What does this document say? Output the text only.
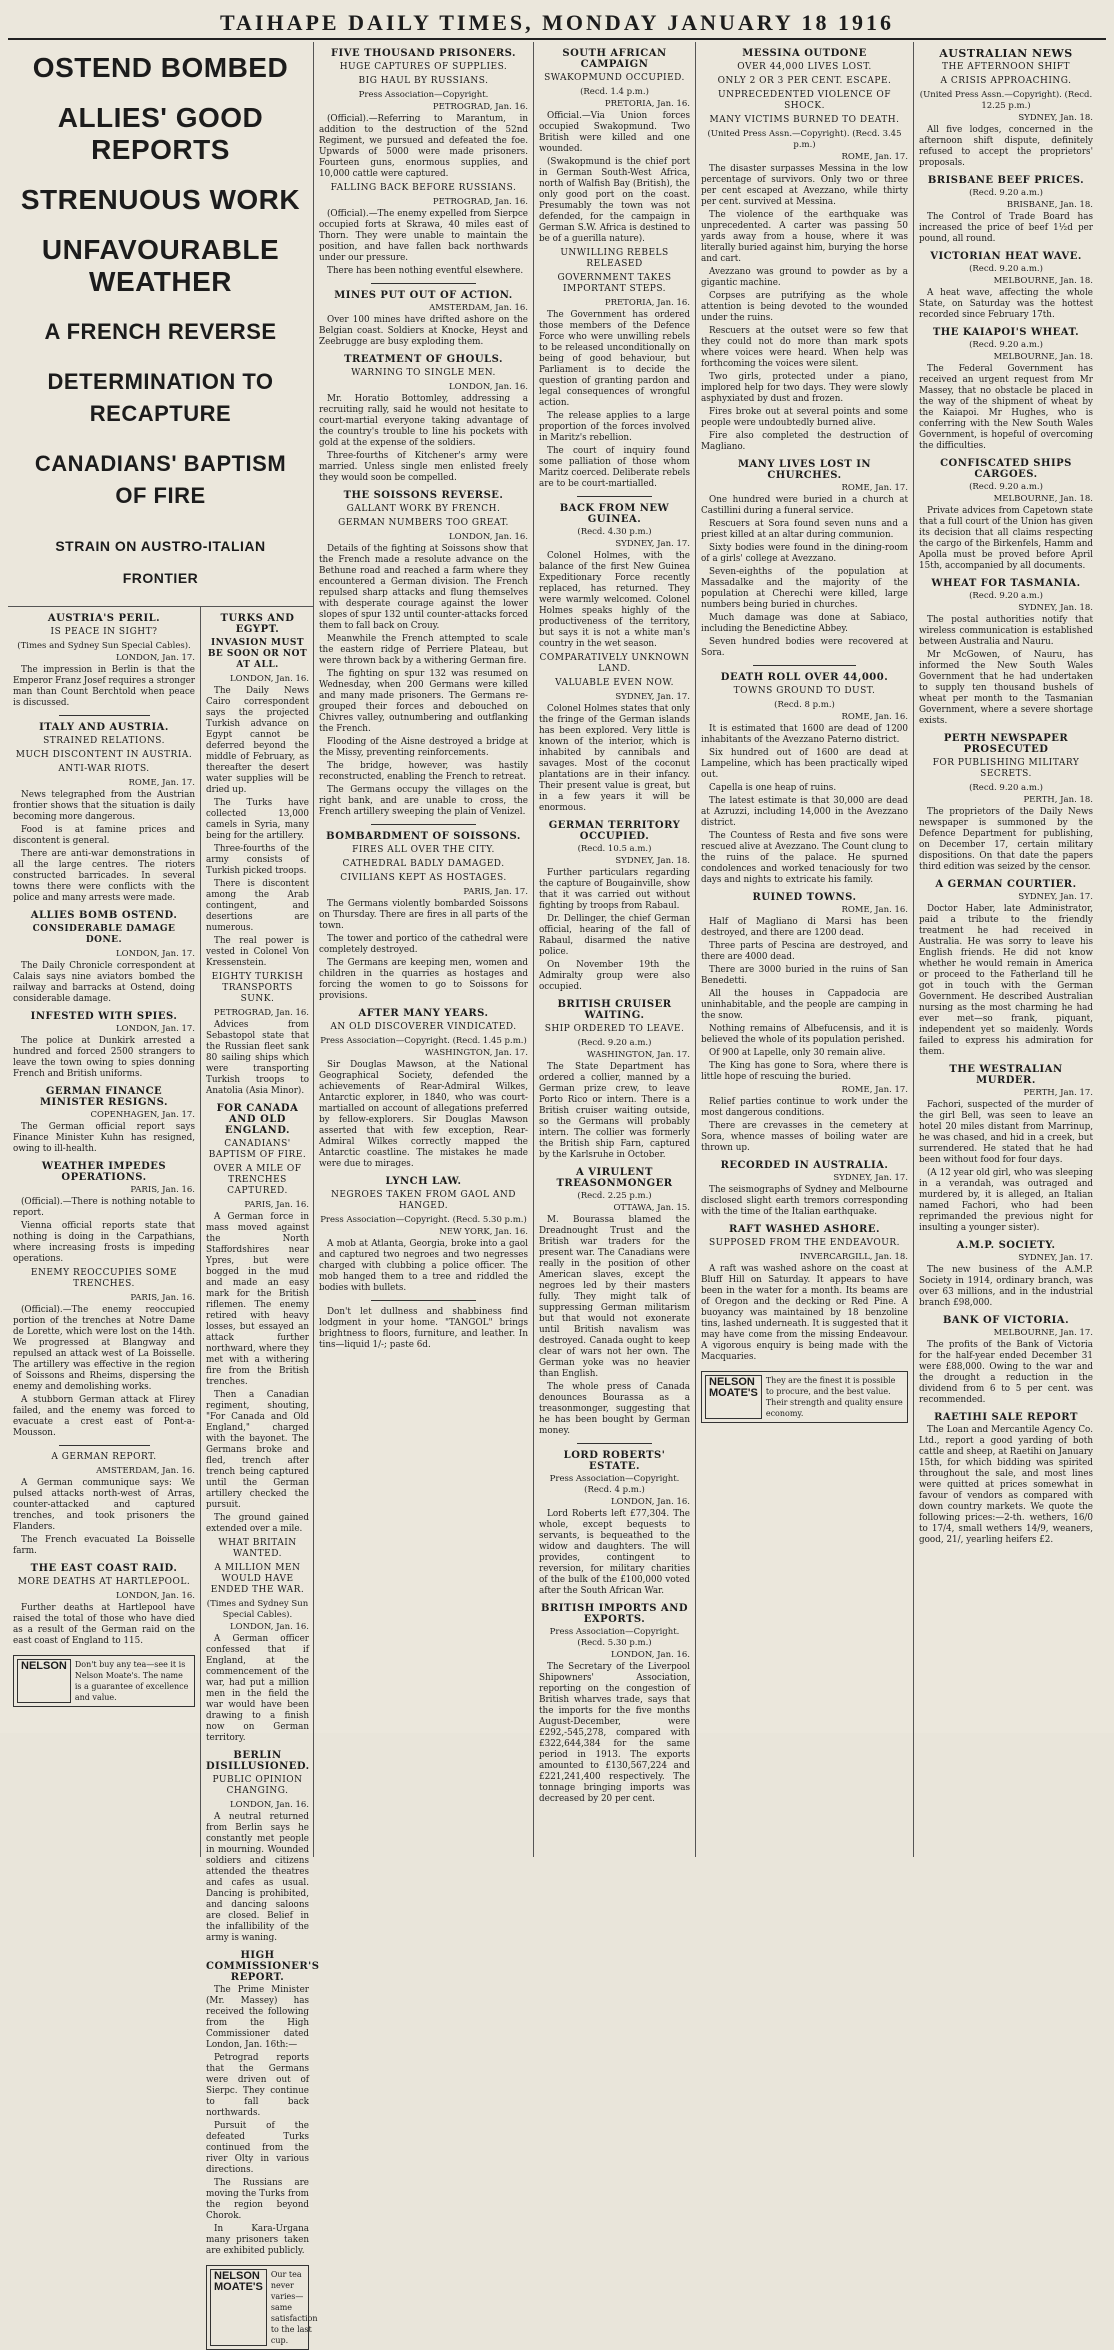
TAIHAPE DAILY TIMES, MONDAY JANUARY 18 1916
OSTEND BOMBED
ALLIES' GOOD REPORTS
STRENUOUS WORK
UNFAVOURABLE WEATHER
A FRENCH REVERSE
DETERMINATION TO RECAPTURE
CANADIANS' BAPTISM OF FIRE
STRAIN ON AUSTRO-ITALIAN FRONTIER
AUSTRIA'S PERIL.
IS PEACE IN SIGHT?
(Times and Sydney Sun Special Cables).
LONDON, Jan. 17.

The impression in Berlin is that the Emperor Franz Josef requires a stronger man than Count Berchtold when peace is discussed.

ITALY AND AUSTRIA.
STRAINED RELATIONS.
MUCH DISCONTENT IN AUSTRIA.
ANTI-WAR RIOTS.
ROME, Jan. 17.

News telegraphed from the Austrian frontier shows that the situation is daily becoming more dangerous.

Food is at famine prices and discontent is general.

There are anti-war demonstrations in all the large centres. The rioters constructed barricades. In several towns there were conflicts with the police and many arrests were made.

ALLIES BOMB OSTEND.
CONSIDERABLE DAMAGE DONE.
LONDON, Jan. 17.

The Daily Chronicle correspondent at Calais says nine aviators bombed the railway and barracks at Ostend, doing considerable damage.

INFESTED WITH SPIES.
LONDON, Jan. 17.

The police at Dunkirk arrested a hundred and forced 2500 strangers to leave the town owing to spies donning French and British uniforms.

GERMAN FINANCE MINISTER RESIGNS.
COPENHAGEN, Jan. 17.

The German official report says Finance Minister Kuhn has resigned, owing to ill-health.

WEATHER IMPEDES OPERATIONS.
PARIS, Jan. 16.

(Official).—There is nothing notable to report.

Vienna official reports state that nothing is doing in the Carpathians, where increasing frosts is impeding operations.

ENEMY REOCCUPIES SOME TRENCHES.
PARIS, Jan. 16.

(Official).—The enemy reoccupied portion of the trenches at Notre Dame de Lorette, which were lost on the 14th. We progressed at Blangway and repulsed an attack west of La Boisselle. The artillery was effective in the region of Soissons and Rheims, dispersing the enemy and demolishing works.

A stubborn German attack at Flirey failed, and the enemy was forced to evacuate a crest east of Pont-a-Mousson.

A GERMAN REPORT.
AMSTERDAM, Jan. 16.

A German communique says: We pulsed attacks north-west of Arras, counter-attacked and captured trenches, and took prisoners the Flanders.

The French evacuated La Boisselle farm.

THE EAST COAST RAID.
MORE DEATHS AT HARTLEPOOL.
LONDON, Jan. 16.

Further deaths at Hartlepool have raised the total of those who have died as a result of the German raid on the east coast of England to 115.

NELSON	Don't buy any tea—see it is Nelson Moate's. The name is a guarantee of excellence and value.
TURKS AND EGYPT.
INVASION MUST BE SOON OR NOT AT ALL.
LONDON, Jan. 16.

The Daily News Cairo correspondent says the projected Turkish advance on Egypt cannot be deferred beyond the middle of February, as thereafter the desert water supplies will be dried up.

The Turks have collected 13,000 camels in Syria, many being for the artillery.

Three-fourths of the army consists of Turkish picked troops.

There is discontent among the Arab contingent, and desertions are numerous.

The real power is vested in Colonel Von Kressenstein.

EIGHTY TURKISH TRANSPORTS SUNK.
PETROGRAD, Jan. 16.

Advices from Sebastopol state that the Russian fleet sank 80 sailing ships which were transporting Turkish troops to Anatolia (Asia Minor).

FOR CANADA AND OLD ENGLAND.
CANADIANS' BAPTISM OF FIRE.
OVER A MILE OF TRENCHES CAPTURED.
PARIS, Jan. 16.

A German force in mass moved against the North Staffordshires near Ypres, but were bogged in the mud and made an easy mark for the British riflemen. The enemy retired with heavy losses, but essayed an attack further northward, where they met with a withering fire from the British trenches.

Then a Canadian regiment, shouting, "For Canada and Old England," charged with the bayonet. The Germans broke and fled, trench after trench being captured until the German artillery checked the pursuit.

The ground gained extended over a mile.

WHAT BRITAIN WANTED.
A MILLION MEN WOULD HAVE ENDED THE WAR.
(Times and Sydney Sun Special Cables).
LONDON, Jan. 16.

A German officer confessed that if England, at the commencement of the war, had put a million men in the field the war would have been drawing to a finish now on German territory.

BERLIN DISILLUSIONED.
PUBLIC OPINION CHANGING.
LONDON, Jan. 16.

A neutral returned from Berlin says he constantly met people in mourning. Wounded soldiers and citizens attended the theatres and cafes as usual. Dancing is prohibited, and dancing saloons are closed. Belief in the infallibility of the army is waning.

HIGH COMMISSIONER'S REPORT.

The Prime Minister (Mr. Massey) has received the following from the High Commissioner dated London, Jan. 16th:—

Petrograd reports that the Germans were driven out of Sierpc. They continue to fall back northwards.

Pursuit of the defeated Turks continued from the river Olty in various directions.

The Russians are moving the Turks from the region beyond Chorok.

In Kara-Urgana many prisoners taken are exhibited publicly.

NELSON MOATE'S
Our tea never varies—same satisfaction to the last cup.
FIVE THOUSAND PRISONERS.
HUGE CAPTURES OF SUPPLIES.
BIG HAUL BY RUSSIANS.
Press Association—Copyright.
PETROGRAD, Jan. 16.

(Official).—Referring to Marantum, in addition to the destruction of the 52nd Regiment, we pursued and defeated the foe. Upwards of 5000 were made prisoners. Fourteen guns, enormous supplies, and 10,000 cattle were captured.

FALLING BACK BEFORE RUSSIANS.
PETROGRAD, Jan. 16.

(Official).—The enemy expelled from Sierpce occupied forts at Skrawa, 40 miles east of Thorn. They were unable to maintain the position, and have fallen back northwards under our pressure.

There has been nothing eventful elsewhere.

MINES PUT OUT OF ACTION.
AMSTERDAM, Jan. 16.

Over 100 mines have drifted ashore on the Belgian coast. Soldiers at Knocke, Heyst and Zeebrugge are busy exploding them.

TREATMENT OF GHOULS.
WARNING TO SINGLE MEN.
LONDON, Jan. 16.

Mr. Horatio Bottomley, addressing a recruiting rally, said he would not hesitate to court-martial everyone taking advantage of the country's trouble to line his pockets with gold at the expense of the soldiers.

Three-fourths of Kitchener's army were married. Unless single men enlisted freely they would soon be compelled.

THE SOISSONS REVERSE.
GALLANT WORK BY FRENCH.
GERMAN NUMBERS TOO GREAT.
LONDON, Jan. 16.

Details of the fighting at Soissons show that the French made a resolute advance on the Bethune road and reached a farm where they encountered a German division. The French repulsed sharp attacks and flung themselves with desperate courage against the lower slopes of spur 132 until counter-attacks forced them to fall back on Crouy.

Meanwhile the French attempted to scale the eastern ridge of Perriere Plateau, but were thrown back by a withering German fire.

The fighting on spur 132 was resumed on Wednesday, when 200 Germans were killed and many made prisoners. The Germans re-grouped their forces and debouched on Chivres valley, outnumbering and outflanking the French.

Flooding of the Aisne destroyed a bridge at the Missy, preventing reinforcements.

The bridge, however, was hastily reconstructed, enabling the French to retreat.

The Germans occupy the villages on the right bank, and are unable to cross, the French artillery sweeping the plain of Venizel.

BOMBARDMENT OF SOISSONS.
FIRES ALL OVER THE CITY.
CATHEDRAL BADLY DAMAGED.
CIVILIANS KEPT AS HOSTAGES.
PARIS, Jan. 17.

The Germans violently bombarded Soissons on Thursday. There are fires in all parts of the town.

The tower and portico of the cathedral were completely destroyed.

The Germans are keeping men, women and children in the quarries as hostages and forcing the women to go to Soissons for provisions.

AFTER MANY YEARS.
AN OLD DISCOVERER VINDICATED.
Press Association—Copyright. (Recd. 1.45 p.m.)
WASHINGTON, Jan. 17.

Sir Douglas Mawson, at the National Geographical Society, defended the achievements of Rear-Admiral Wilkes, Antarctic explorer, in 1840, who was court-martialled on account of allegations preferred by fellow-explorers. Sir Douglas Mawson asserted that with few exception, Rear-Admiral Wilkes correctly mapped the Antarctic coastline. The mistakes he made were due to mirages.

LYNCH LAW.
NEGROES TAKEN FROM GAOL AND HANGED.
Press Association—Copyright. (Recd. 5.30 p.m.)
NEW YORK, Jan. 16.

A mob at Atlanta, Georgia, broke into a gaol and captured two negroes and two negresses charged with clubbing a police officer. The mob hanged them to a tree and riddled the bodies with bullets.

Don't let dullness and shabbiness find lodgment in your home. "TANGOL" brings brightness to floors, furniture, and leather. In tins—liquid 1/-; paste 6d.

SOUTH AFRICAN CAMPAIGN
SWAKOPMUND OCCUPIED.
(Recd. 1.4 p.m.)
PRETORIA, Jan. 16.

Official.—Via Union forces occupied Swakopmund. Two British were killed and one wounded.

(Swakopmund is the chief port in German South-West Africa, north of Walfish Bay (British), the only good port on the coast. Presumably the town was not defended, for the campaign in German S.W. Africa is destined to be of a guerilla nature).

UNWILLING REBELS RELEASED
GOVERNMENT TAKES IMPORTANT STEPS.
PRETORIA, Jan. 16.

The Government has ordered those members of the Defence Force who were unwilling rebels to be released unconditionally on being of good behaviour, but Parliament is to decide the question of granting pardon and legal consequences of wrongful action.

The release applies to a large proportion of the forces involved in Maritz's rebellion.

The court of inquiry found some palliation of those whom Maritz coerced. Deliberate rebels are to be court-martialled.

BACK FROM NEW GUINEA.
(Recd. 4.30 p.m.)
SYDNEY, Jan. 17.

Colonel Holmes, with the balance of the first New Guinea Expeditionary Force recently replaced, has returned. They were warmly welcomed. Colonel Holmes speaks highly of the productiveness of the territory, but says it is not a white man's country in the wet season.

COMPARATIVELY UNKNOWN LAND.
VALUABLE EVEN NOW.
SYDNEY, Jan. 17.

Colonel Holmes states that only the fringe of the German islands has been explored. Very little is known of the interior, which is inhabited by cannibals and savages. Most of the coconut plantations are in their infancy. Their present value is great, but in a few years it will be enormous.

GERMAN TERRITORY OCCUPIED.
(Recd. 10.5 a.m.)
SYDNEY, Jan. 18.

Further particulars regarding the capture of Bougainville, show that it was carried out without fighting by troops from Rabaul.

Dr. Dellinger, the chief German official, hearing of the fall of Rabaul, disarmed the native police.

On November 19th the Admiralty group were also occupied.

BRITISH CRUISER WAITING.
SHIP ORDERED TO LEAVE.
(Recd. 9.20 a.m.)
WASHINGTON, Jan. 17.

The State Department has ordered a collier, manned by a German prize crew, to leave Porto Rico or intern. There is a British cruiser waiting outside, so the Germans will probably intern. The collier was formerly the British ship Farn, captured by the Karlsruhe in October.

A VIRULENT TREASONMONGER
(Recd. 2.25 p.m.)
OTTAWA, Jan. 15.

M. Bourassa blamed the Dreadnought Trust and the British war traders for the present war. The Canadians were really in the position of other American slaves, except the negroes led by their masters fully. They might talk of suppressing German militarism but that would not exonerate until British navalism was destroyed. Canada ought to keep clear of wars not her own. The German yoke was no heavier than English.

The whole press of Canada denounces Bourassa as a treasonmonger, suggesting that he has been bought by German money.

LORD ROBERTS' ESTATE.
Press Association—Copyright. (Recd. 4 p.m.)
LONDON, Jan. 16.

Lord Roberts left £77,304. The whole, except bequests to servants, is bequeathed to the widow and daughters. The will provides, contingent to reversion, for military charities of the bulk of the £100,000 voted after the South African War.

BRITISH IMPORTS AND EXPORTS.
Press Association—Copyright. (Recd. 5.30 p.m.)
LONDON, Jan. 16.

The Secretary of the Liverpool Shipowners' Association, reporting on the congestion of British wharves trade, says that the imports for the five months August-December, were £292,-545,278, compared with £322,644,384 for the same period in 1913. The exports amounted to £130,567,224 and £221,241,400 respectively. The tonnage bringing imports was decreased by 20 per cent.

MESSINA OUTDONE
OVER 44,000 LIVES LOST.
ONLY 2 OR 3 PER CENT. ESCAPE.
UNPRECEDENTED VIOLENCE OF SHOCK.
MANY VICTIMS BURNED TO DEATH.
(United Press Assn.—Copyright). (Recd. 3.45 p.m.)
ROME, Jan. 17.

The disaster surpasses Messina in the low percentage of survivors. Only two or three per cent escaped at Avezzano, while thirty per cent. survived at Messina.

The violence of the earthquake was unprecedented. A carter was passing 50 yards away from a house, where it was literally buried against him, burying the horse and cart.

Avezzano was ground to powder as by a gigantic machine.

Corpses are putrifying as the whole attention is being devoted to the wounded under the ruins.

Rescuers at the outset were so few that they could not do more than mark spots where voices were heard. When help was forthcoming the voices were silent.

Two girls, protected under a piano, implored help for two days. They were slowly asphyxiated by dust and frozen.

Fires broke out at several points and some people were undoubtedly burned alive.

Fire also completed the destruction of Magliano.

MANY LIVES LOST IN CHURCHES.
ROME, Jan. 17.

One hundred were buried in a church at Castillini during a funeral service.

Rescuers at Sora found seven nuns and a priest killed at an altar during communion.

Sixty bodies were found in the dining-room of a girls' college at Avezzano.

Seven-eighths of the population at Massadalke and the majority of the population at Cherechi were killed, large numbers being buried in churches.

Much damage was done at Sabiaco, including the Benedictine Abbey.

Seven hundred bodies were recovered at Sora.

DEATH ROLL OVER 44,000.
TOWNS GROUND TO DUST.
(Recd. 8 p.m.)
ROME, Jan. 16.

It is estimated that 1600 are dead of 1200 inhabitants of the Avezzano Paterno district.

Six hundred out of 1600 are dead at Lampeline, which has been practically wiped out.

Capella is one heap of ruins.

The latest estimate is that 30,000 are dead at Azruzzi, including 14,000 in the Avezzano district.

The Countess of Resta and five sons were rescued alive at Avezzano. The Count clung to the ruins of the palace. He spurned condolences and worked tenaciously for two days and nights to extricate his family.

RUINED TOWNS.
ROME, Jan. 16.

Half of Magliano di Marsi has been destroyed, and there are 1200 dead.

Three parts of Pescina are destroyed, and there are 4000 dead.

There are 3000 buried in the ruins of San Benedetti.

All the houses in Cappadocia are uninhabitable, and the people are camping in the snow.

Nothing remains of Albefucensis, and it is believed the whole of its population perished.

Of 900 at Lapelle, only 30 remain alive.

The King has gone to Sora, where there is little hope of rescuing the buried.

ROME, Jan. 17.

Relief parties continue to work under the most dangerous conditions.

There are crevasses in the cemetery at Sora, whence masses of boiling water are thrown up.

RECORDED IN AUSTRALIA.
SYDNEY, Jan. 17.

The seismographs of Sydney and Melbourne disclosed slight earth tremors corresponding with the time of the Italian earthquake.

RAFT WASHED ASHORE.
SUPPOSED FROM THE ENDEAVOUR.
INVERCARGILL, Jan. 18.

A raft was washed ashore on the coast at Bluff Hill on Saturday. It appears to have been in the water for a month. Its beams are of Oregon and the decking or Red Pine. A buoyancy was maintained by 18 benzoline tins, lashed underneath. It is suggested that it may have come from the missing Endeavour. A vigorous enquiry is being made with the Macquaries.

NELSON MOATE'S
They are the finest it is possible to procure, and the best value. Their strength and quality ensure economy.
AUSTRALIAN NEWS
THE AFTERNOON SHIFT
A CRISIS APPROACHING.
(United Press Assn.—Copyright). (Recd. 12.25 p.m.)
SYDNEY, Jan. 18.

All five lodges, concerned in the afternoon shift dispute, definitely refused to accept the proprietors' proposals.

BRISBANE BEEF PRICES.
(Recd. 9.20 a.m.)
BRISBANE, Jan. 18.

The Control of Trade Board has increased the price of beef 1½d per pound, all round.

VICTORIAN HEAT WAVE.
(Recd. 9.20 a.m.)
MELBOURNE, Jan. 18.

A heat wave, affecting the whole State, on Saturday was the hottest recorded since February 17th.

THE KAIAPOI'S WHEAT.
(Recd. 9.20 a.m.)
MELBOURNE, Jan. 18.

The Federal Government has received an urgent request from Mr Massey, that no obstacle be placed in the way of the shipment of wheat by the Kaiapoi. Mr Hughes, who is conferring with the New South Wales Government, is hopeful of overcoming the difficulties.

CONFISCATED SHIPS CARGOES.
(Recd. 9.20 a.m.)
MELBOURNE, Jan. 18.

Private advices from Capetown state that a full court of the Union has given its decision that all claims respecting the cargo of the Birkenfels, Hamm and Apolla must be proved before April 15th, accompanied by all documents.

WHEAT FOR TASMANIA.
(Recd. 9.20 a.m.)
SYDNEY, Jan. 18.

The postal authorities notify that wireless communication is established between Australia and Nauru.

Mr McGowen, of Nauru, has informed the New South Wales Government that he had undertaken to supply ten thousand bushels of wheat per month to the Tasmanian Government, where a severe shortage exists.

PERTH NEWSPAPER PROSECUTED
FOR PUBLISHING MILITARY SECRETS.
(Recd. 9.20 a.m.)
PERTH, Jan. 18.

The proprietors of the Daily News newspaper is summoned by the Defence Department for publishing, on December 17, certain military dispositions. On that date the papers third edition was seized by the censor.

A GERMAN COURTIER.
SYDNEY, Jan. 17.

Doctor Haber, late Administrator, paid a tribute to the friendly treatment he had received in Australia. He was sorry to leave his English friends. He did not know whether he would remain in America or proceed to the Fatherland till he got in touch with the German Government. He described Australian nursing as the most charming he had ever met—so frank, piquant, independent yet so maidenly. Words failed to express his admiration for them.

THE WESTRALIAN MURDER.
PERTH, Jan. 17.

Fachori, suspected of the murder of the girl Bell, was seen to leave an hotel 20 miles distant from Marrinup, he was chased, and hid in a creek, but surrendered. He stated that he had been without food for four days.

(A 12 year old girl, who was sleeping in a verandah, was outraged and murdered by, it is alleged, an Italian named Fachori, who had been reprimanded the previous night for insulting a younger sister).

A.M.P. SOCIETY.
SYDNEY, Jan. 17.

The new business of the A.M.P. Society in 1914, ordinary branch, was over 63 millions, and in the industrial branch £98,000.

BANK OF VICTORIA.
MELBOURNE, Jan. 17.

The profits of the Bank of Victoria for the half-year ended December 31 were £88,000. Owing to the war and the drought a reduction in the dividend from 6 to 5 per cent. was recommended.

RAETIHI SALE REPORT

The Loan and Mercantile Agency Co. Ltd., report a good yarding of both cattle and sheep, at Raetihi on January 15th, for which bidding was spirited throughout the sale, and most lines were quitted at prices somewhat in favour of vendors as compared with down country markets. We quote the following prices:—2-th. wethers, 16/0 to 17/4, small wethers 14/9, weaners, good, 21/, yearling heifers £2.
